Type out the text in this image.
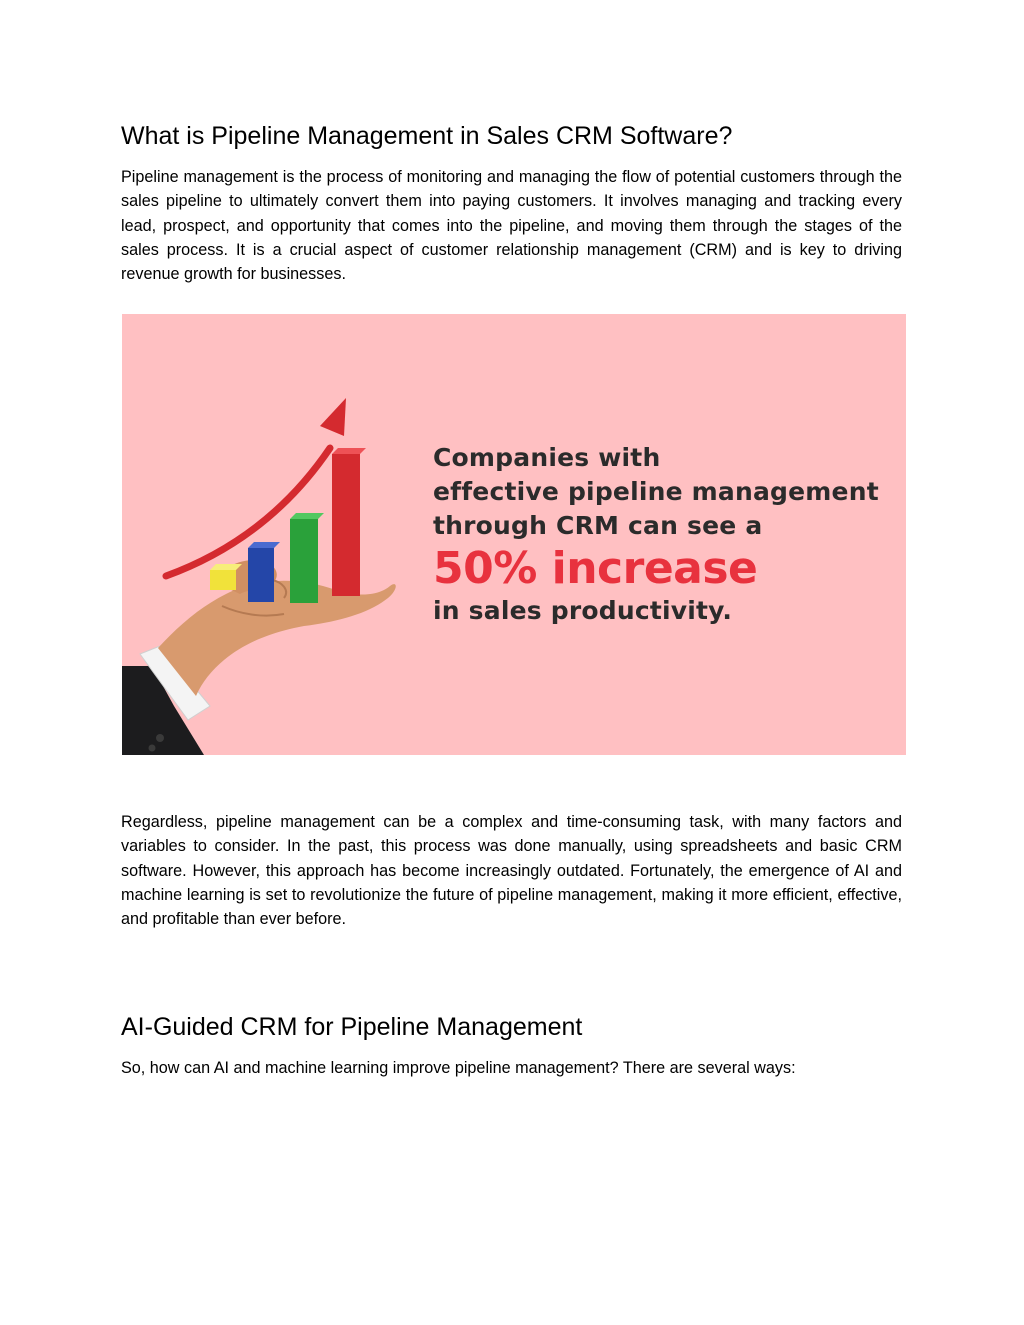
What is Pipeline Management in Sales CRM Software?

Pipeline management is the process of monitoring and managing the flow of potential customers through the sales pipeline to ultimately convert them into paying customers. It involves managing and tracking every lead, prospect, and opportunity that comes into the pipeline, and moving them through the stages of the sales process. It is a crucial aspect of customer relationship management (CRM) and is key to driving revenue growth for businesses.

Companies with
effective pipeline management
through CRM can see a
50% increase
in sales productivity.

Regardless, pipeline management can be a complex and time-consuming task, with many factors and variables to consider. In the past, this process was done manually, using spreadsheets and basic CRM software. However, this approach has become increasingly outdated. Fortunately, the emergence of AI and machine learning is set to revolutionize the future of pipeline management, making it more efficient, effective, and profitable than ever before.

AI-Guided CRM for Pipeline Management

So, how can AI and machine learning improve pipeline management? There are several ways:
